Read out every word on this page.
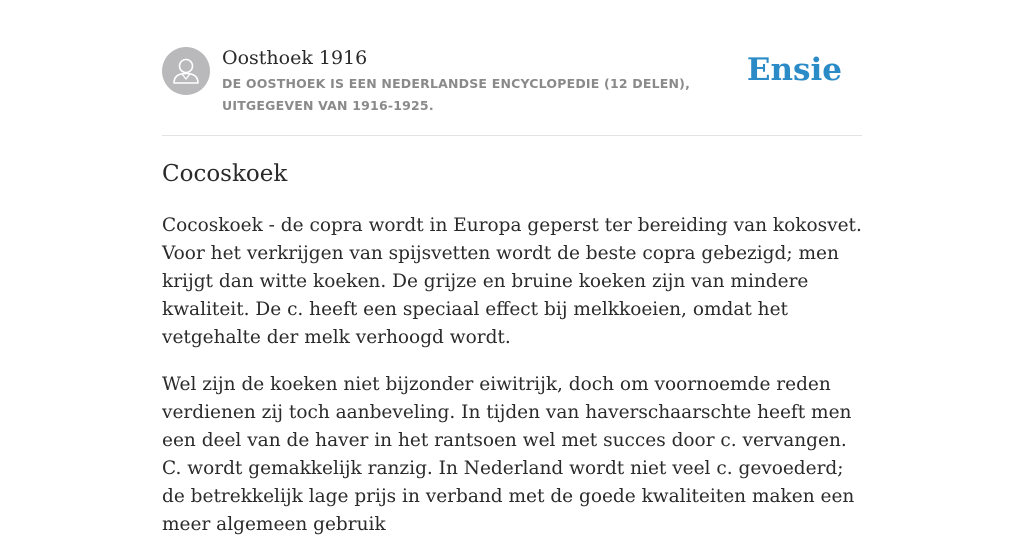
Oosthoek 1916
DE OOSTHOEK IS EEN NEDERLANDSE ENCYCLOPEDIE (12 DELEN), UITGEGEVEN VAN 1916-1925.
Ensie
Cocoskoek

Cocoskoek - de copra wordt in Europa geperst ter bereiding van kokosvet. Voor het verkrijgen van spijsvetten wordt de beste copra gebezigd; men krijgt dan witte koeken. De grijze en bruine koeken zijn van mindere kwaliteit. De c. heeft een speciaal effect bij melkkoeien, omdat het vetgehalte der melk verhoogd wordt.

Wel zijn de koeken niet bijzonder eiwitrijk, doch om voornoemde reden verdienen zij toch aanbeveling. In tijden van haverschaarschte heeft men een deel van de haver in het rantsoen wel met succes door c. vervangen. C. wordt gemakkelijk ranzig. In Nederland wordt niet veel c. gevoederd; de betrekkelijk lage prijs in verband met de goede kwaliteiten maken een meer algemeen gebruik
